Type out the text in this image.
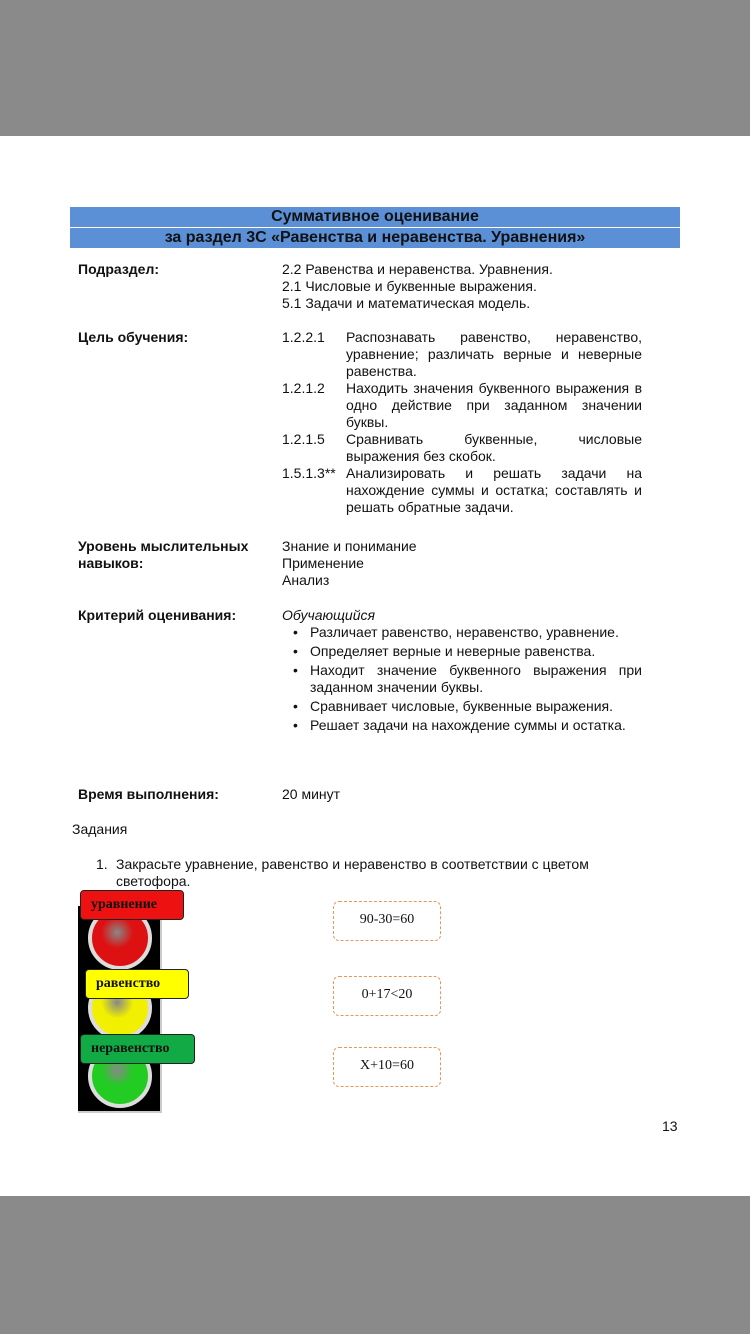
Суммативное оценивание
за раздел 3С «Равенства и неравенства. Уравнения»
Подраздел:	2.2 Равенства и неравенства. Уравнения.
2.1 Числовые и буквенные выражения.
5.1 Задачи и математическая модель.
Цель обучения:	1.2.2.1	Распознавать равенство, неравенство, уравнение; различать верные и неверные равенства.
1.2.1.2	Находить значения буквенного выражения в одно действие при заданном значении буквы.
1.2.1.5	Сравнивать буквенные, числовые выражения без скобок.
1.5.1.3** Анализировать и решать задачи на нахождение суммы и остатка; составлять и решать обратные задачи.
Уровень мыслительных
навыков:
Знание и понимание
Применение
Анализ
Критерий оценивания:	Обучающийся
• Различает равенство, неравенство, уравнение.
• Определяет верные и неверные равенства.
• Находит значение буквенного выражения при заданном значении буквы.
• Сравнивает числовые, буквенные выражения.
• Решает задачи на нахождение суммы и остатка.
Время выполнения:	20 минут
Задания
1. Закрасьте уравнение, равенство и неравенство в соответствии с цветом светофора.
уравнение
равенство
неравенство
90-30=60
0+17<20
X+10=60
13
